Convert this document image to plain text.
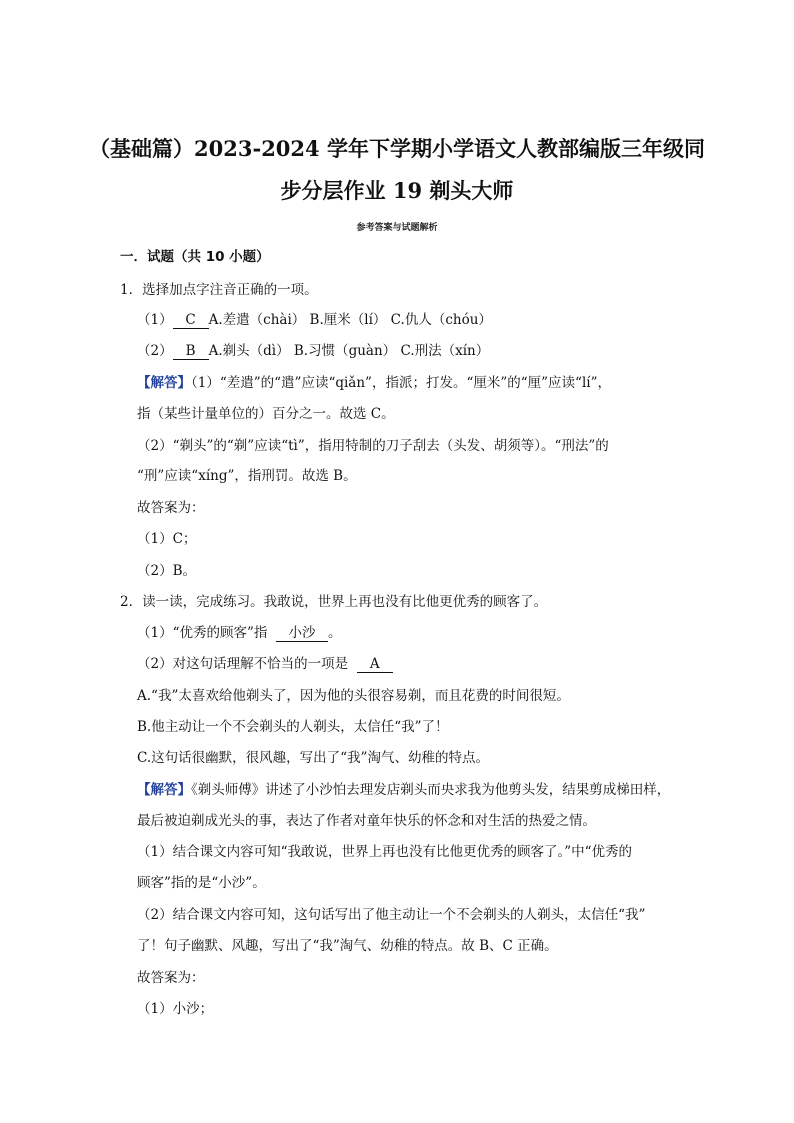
（基础篇）2023-2024 学年下学期小学语文人教部编版三年级同
步分层作业 19 剃头大师
参考答案与试题解析
一．试题（共 10 小题）
1．选择加点字注音正确的一项。
（1） C A.差遣（chài） B.厘米（lí） C.仇人（chóu）
（2） B A.剃头（dì） B.习惯（guàn） C.刑法（xín）
【解答】（1）“差遣”的“遣”应读“qiǎn”，指派；打发。“厘米”的“厘”应读“lí”，
指（某些计量单位的）百分之一。故选 C。
（2）“剃头”的“剃”应读“tì”，指用特制的刀子刮去（头发、胡须等）。“刑法”的
“刑”应读“xíng”，指刑罚。故选 B。
故答案为：
（1）C；
（2）B。
2．读一读，完成练习。我敢说，世界上再也没有比他更优秀的顾客了。
（1）“优秀的顾客”指 小沙 。
（2）对这句话理解不恰当的一项是 A
A.“我”太喜欢给他剃头了，因为他的头很容易剃，而且花费的时间很短。
B.他主动让一个不会剃头的人剃头，太信任“我”了！
C.这句话很幽默，很风趣，写出了“我”淘气、幼稚的特点。
【解答】《剃头师傅》讲述了小沙怕去理发店剃头而央求我为他剪头发，结果剪成梯田样，
最后被迫剃成光头的事，表达了作者对童年快乐的怀念和对生活的热爱之情。
（1）结合课文内容可知“我敢说，世界上再也没有比他更优秀的顾客了。”中“优秀的
顾客”指的是“小沙”。
（2）结合课文内容可知，这句话写出了他主动让一个不会剃头的人剃头，太信任“我”
了！句子幽默、风趣，写出了“我”淘气、幼稚的特点。故 B、C 正确。
故答案为：
（1）小沙；
